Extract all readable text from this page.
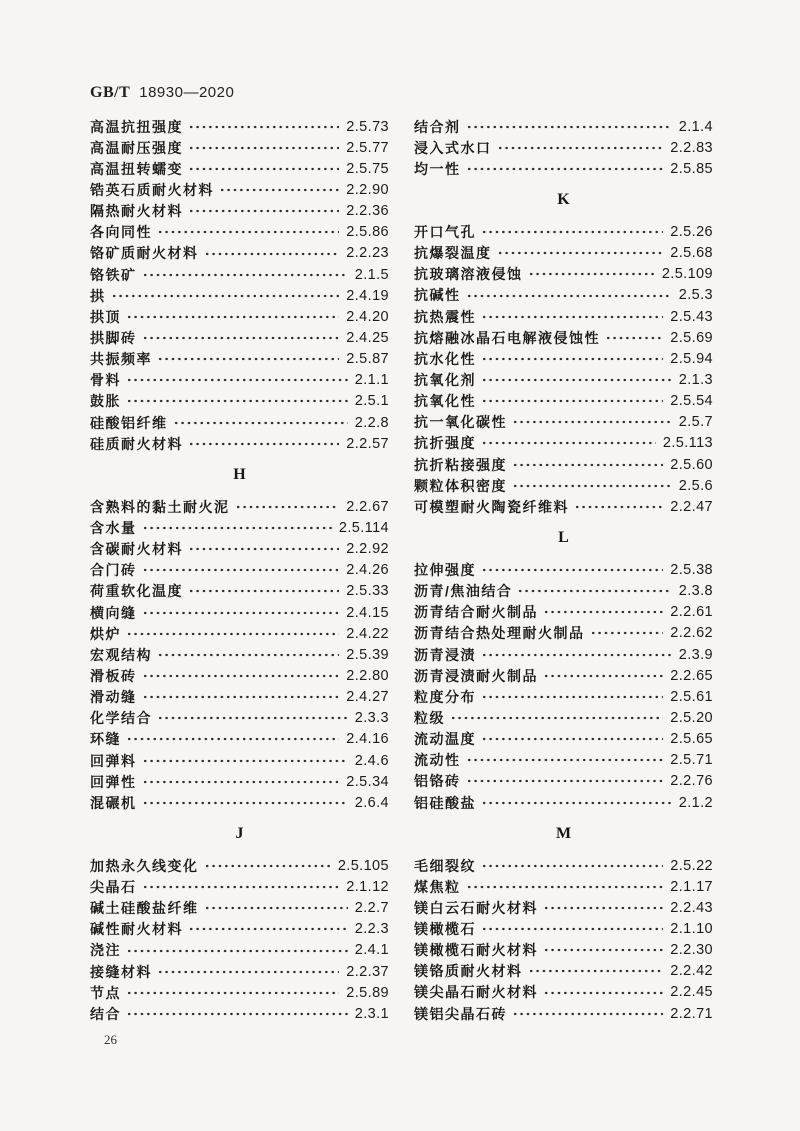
GB/T 18930—2020
高温抗扭强度	2.5.73
高温耐压强度	2.5.77
高温扭转蠕变	2.5.75
锆英石质耐火材料	2.2.90
隔热耐火材料	2.2.36
各向同性	2.5.86
铬矿质耐火材料	2.2.23
铬铁矿	2.1.5
拱	2.4.19
拱顶	2.4.20
拱脚砖	2.4.25
共振频率	2.5.87
骨料	2.1.1
鼓胀	2.5.1
硅酸铝纤维	2.2.8
硅质耐火材料	2.2.57
H
含熟料的黏土耐火泥	2.2.67
含水量	2.5.114
含碳耐火材料	2.2.92
合门砖	2.4.26
荷重软化温度	2.5.33
横向缝	2.4.15
烘炉	2.4.22
宏观结构	2.5.39
滑板砖	2.2.80
滑动缝	2.4.27
化学结合	2.3.3
环缝	2.4.16
回弹料	2.4.6
回弹性	2.5.34
混碾机	2.6.4
J
加热永久线变化	2.5.105
尖晶石	2.1.12
碱土硅酸盐纤维	2.2.7
碱性耐火材料	2.2.3
浇注	2.4.1
接缝材料	2.2.37
节点	2.5.89
结合	2.3.1
结合剂	2.1.4
浸入式水口	2.2.83
均一性	2.5.85
K
开口气孔	2.5.26
抗爆裂温度	2.5.68
抗玻璃溶液侵蚀	2.5.109
抗碱性	2.5.3
抗热震性	2.5.43
抗熔融冰晶石电解液侵蚀性	2.5.69
抗水化性	2.5.94
抗氧化剂	2.1.3
抗氧化性	2.5.54
抗一氧化碳性	2.5.7
抗折强度	2.5.113
抗折粘接强度	2.5.60
颗粒体积密度	2.5.6
可模塑耐火陶瓷纤维料	2.2.47
L
拉伸强度	2.5.38
沥青/焦油结合	2.3.8
沥青结合耐火制品	2.2.61
沥青结合热处理耐火制品	2.2.62
沥青浸渍	2.3.9
沥青浸渍耐火制品	2.2.65
粒度分布	2.5.61
粒级	2.5.20
流动温度	2.5.65
流动性	2.5.71
铝铬砖	2.2.76
铝硅酸盐	2.1.2
M
毛细裂纹	2.5.22
煤焦粒	2.1.17
镁白云石耐火材料	2.2.43
镁橄榄石	2.1.10
镁橄榄石耐火材料	2.2.30
镁铬质耐火材料	2.2.42
镁尖晶石耐火材料	2.2.45
镁铝尖晶石砖	2.2.71
26
